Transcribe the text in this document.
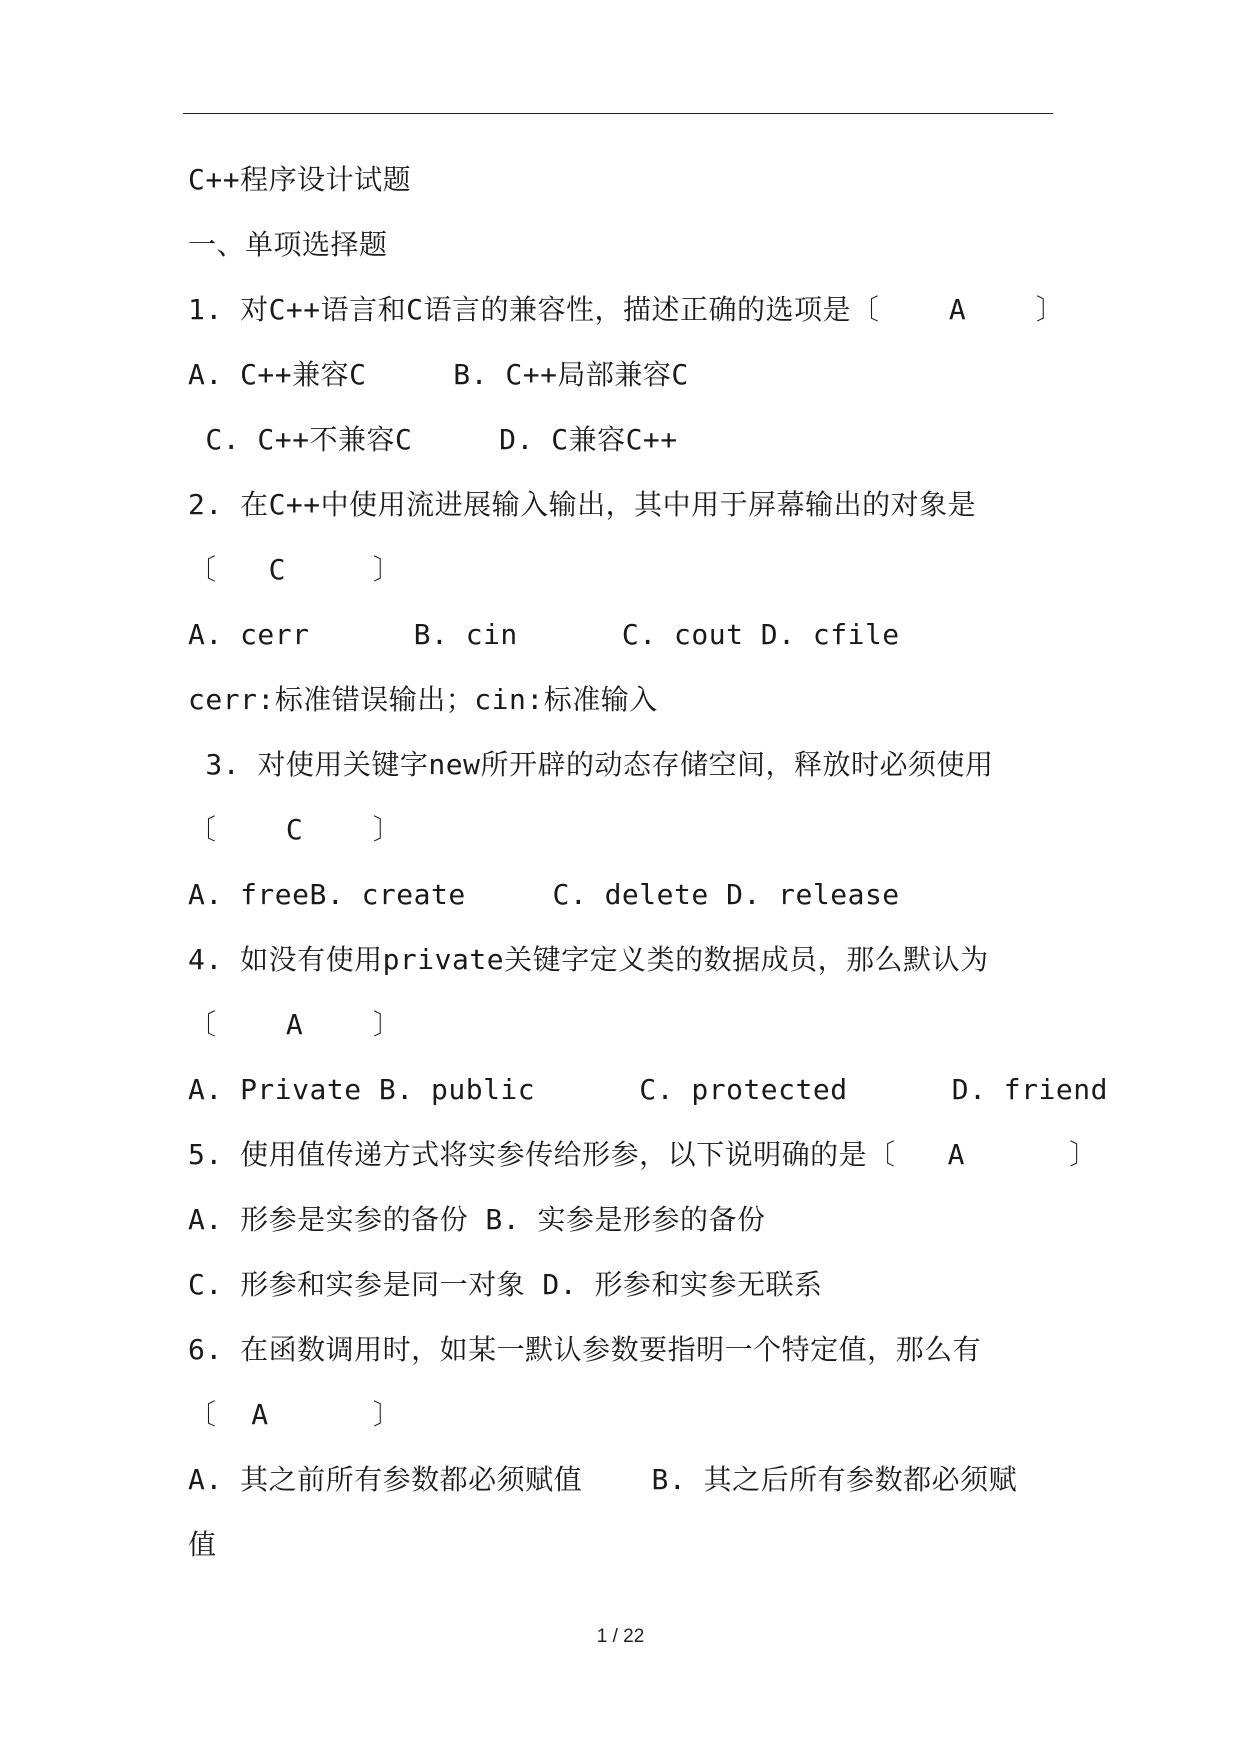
C++程序设计试题
一、单项选择题
1. 对C++语言和C语言的兼容性，描述正确的选项是〔    A    〕
A. C++兼容C     B. C++局部兼容C
C. C++不兼容C     D. C兼容C++
2. 在C++中使用流进展输入输出，其中用于屏幕输出的对象是
〔   C     〕
A. cerr      B. cin      C. cout D. cfile
cerr:标准错误输出；cin:标准输入
3. 对使用关键字new所开辟的动态存储空间，释放时必须使用
〔    C    〕
A. freeB. create     C. delete D. release
4. 如没有使用private关键字定义类的数据成员，那么默认为
〔    A    〕
A. Private B. public      C. protected      D. friend
5. 使用值传递方式将实参传给形参，以下说明确的是〔   A      〕
A. 形参是实参的备份 B. 实参是形参的备份
C. 形参和实参是同一对象 D. 形参和实参无联系
6. 在函数调用时，如某一默认参数要指明一个特定值，那么有
〔  A      〕
A. 其之前所有参数都必须赋值    B. 其之后所有参数都必须赋
值
1 / 22
